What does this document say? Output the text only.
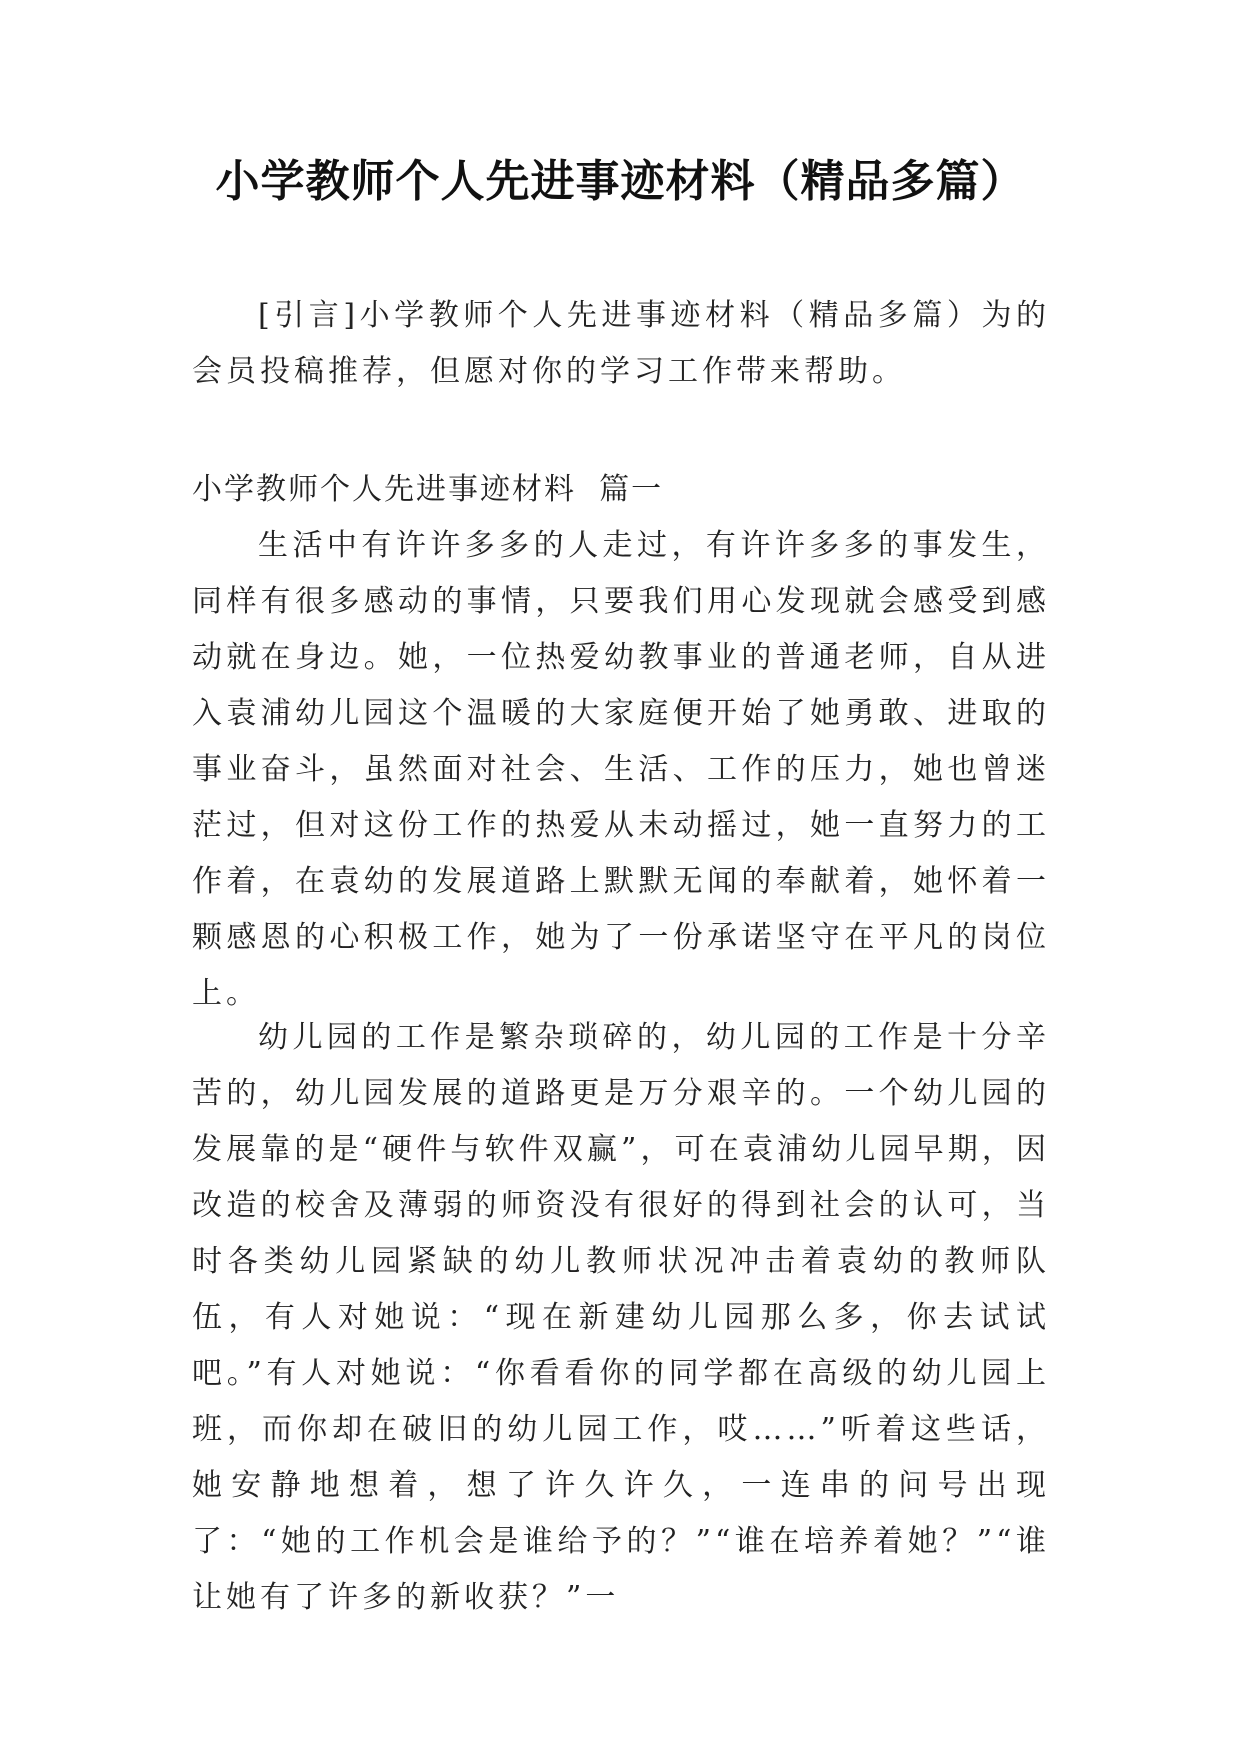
小学教师个人先进事迹材料（精品多篇）

[引言]小学教师个人先进事迹材料（精品多篇）为的会员投稿推荐，但愿对你的学习工作带来帮助。

小学教师个人先进事迹材料  篇一

生活中有许许多多的人走过，有许许多多的事发生，同样有很多感动的事情，只要我们用心发现就会感受到感动就在身边。她，一位热爱幼教事业的普通老师，自从进入袁浦幼儿园这个温暖的大家庭便开始了她勇敢、进取的事业奋斗，虽然面对社会、生活、工作的压力，她也曾迷茫过，但对这份工作的热爱从未动摇过，她一直努力的工作着，在袁幼的发展道路上默默无闻的奉献着，她怀着一颗感恩的心积极工作，她为了一份承诺坚守在平凡的岗位上。

幼儿园的工作是繁杂琐碎的，幼儿园的工作是十分辛苦的，幼儿园发展的道路更是万分艰辛的。一个幼儿园的发展靠的是“硬件与软件双赢”，可在袁浦幼儿园早期，因改造的校舍及薄弱的师资没有很好的得到社会的认可，当时各类幼儿园紧缺的幼儿教师状况冲击着袁幼的教师队伍，有人对她说：“现在新建幼儿园那么多，你去试试吧。”有人对她说：“你看看你的同学都在高级的幼儿园上班，而你却在破旧的幼儿园工作，哎……”听着这些话，她安静地想着，想了许久许久，一连串的问号出现了：“她的工作机会是谁给予的？”“谁在培养着她？”“谁让她有了许多的新收获？”一
